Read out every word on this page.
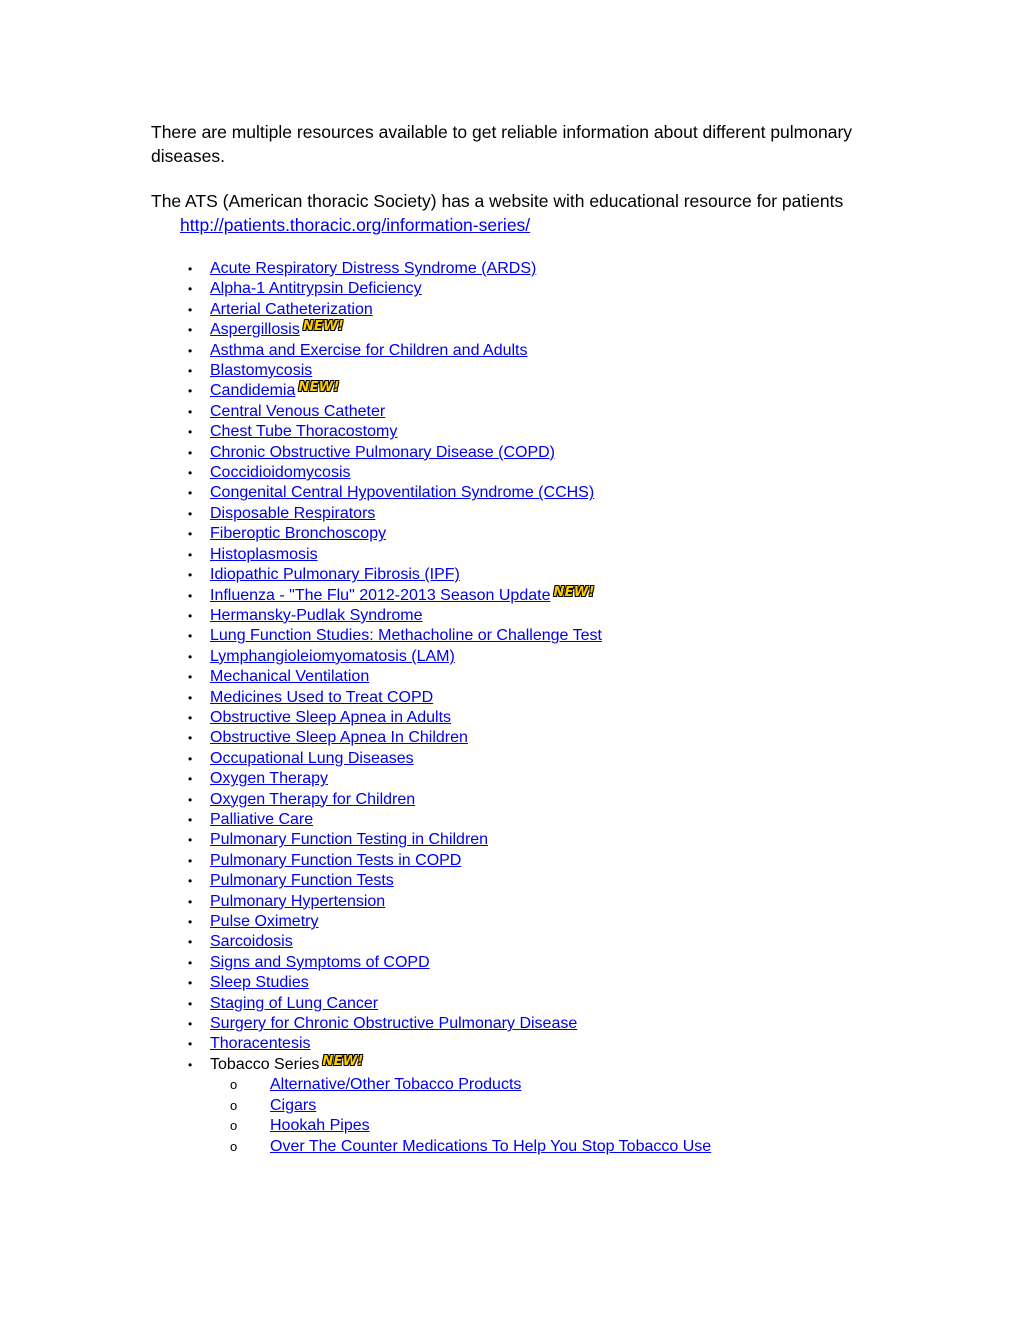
There are multiple resources available to get reliable information about different pulmonary diseases.

The ATS (American thoracic Society) has a website with educational resource for patients

http://patients.thoracic.org/information-series/
• Acute Respiratory Distress Syndrome (ARDS)
• Alpha-1 Antitrypsin Deficiency
• Arterial Catheterization
• Aspergillosis NEW!
• Asthma and Exercise for Children and Adults
• Blastomycosis
• Candidemia NEW!
• Central Venous Catheter
• Chest Tube Thoracostomy
• Chronic Obstructive Pulmonary Disease (COPD)
• Coccidioidomycosis
• Congenital Central Hypoventilation Syndrome (CCHS)
• Disposable Respirators
• Fiberoptic Bronchoscopy
• Histoplasmosis
• Idiopathic Pulmonary Fibrosis (IPF)
• Influenza - "The Flu" 2012-2013 Season Update NEW!
• Hermansky-Pudlak Syndrome
• Lung Function Studies: Methacholine or Challenge Test
• Lymphangioleiomyomatosis (LAM)
• Mechanical Ventilation
• Medicines Used to Treat COPD
• Obstructive Sleep Apnea in Adults
• Obstructive Sleep Apnea In Children
• Occupational Lung Diseases
• Oxygen Therapy
• Oxygen Therapy for Children
• Palliative Care
• Pulmonary Function Testing in Children
• Pulmonary Function Tests in COPD
• Pulmonary Function Tests
• Pulmonary Hypertension
• Pulse Oximetry
• Sarcoidosis
• Signs and Symptoms of COPD
• Sleep Studies
• Staging of Lung Cancer
• Surgery for Chronic Obstructive Pulmonary Disease
• Thoracentesis
• Tobacco Series NEW!
o Alternative/Other Tobacco Products
o Cigars
o Hookah Pipes
o Over The Counter Medications To Help You Stop Tobacco Use
